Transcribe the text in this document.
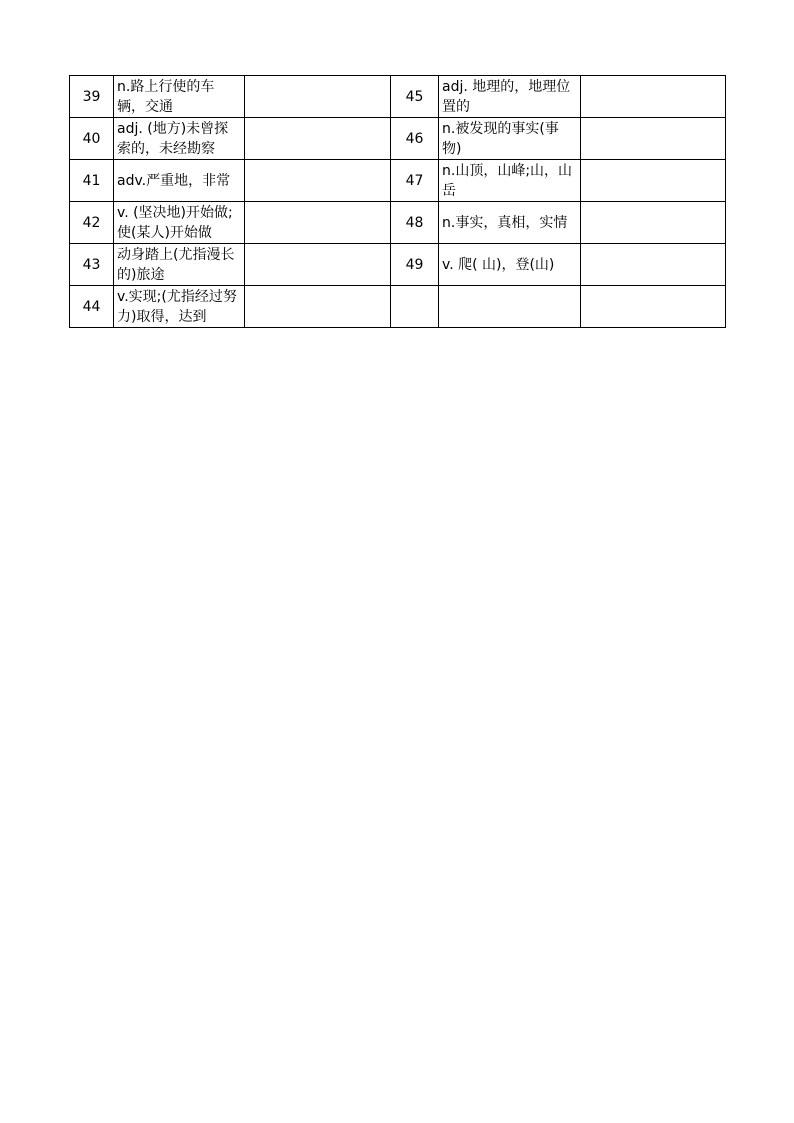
39	n.路上行使的车辆，交通		45	adj. 地理的，地理位置的	
40	adj. (地方)未曾探索的，未经勘察		46	n.被发现的事实(事物)	
41	adv.严重地，非常		47	n.山顶，山峰;山，山岳	
42	v. (坚决地)开始做;使(某人)开始做		48	n.事实，真相，实情	
43	动身踏上(尤指漫长的)旅途		49	v. 爬( 山)，登(山)	
44	v.实现;(尤指经过努力)取得，达到				
